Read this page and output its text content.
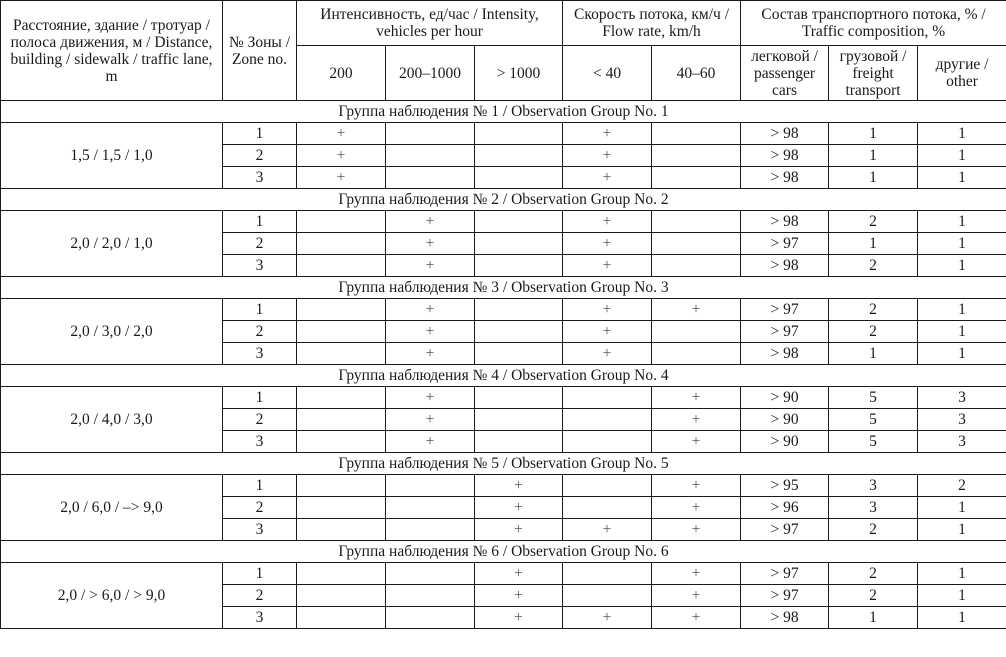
Расстояние, здание / тротуар / полоса движения, м / Distance, building / sidewalk / traffic lane, m	№ Зоны / Zone no.	Интенсивность, ед/час / Intensity, vehicles per hour			Скорость потока, км/ч / Flow rate, km/h		Состав транспортного потока, % / Traffic composition, %		
		200	200–1000	> 1000	< 40	40–60	легковой / passenger cars	грузовой / freight transport	другие / other
Группа наблюдения № 1 / Observation Group No. 1									
1,5 / 1,5 / 1,0	1	+			+		> 98	1	1
	2	+			+		> 98	1	1
	3	+			+		> 98	1	1
Группа наблюдения № 2 / Observation Group No. 2									
2,0 / 2,0 / 1,0	1		+		+		> 98	2	1
	2		+		+		> 97	1	1
	3		+		+		> 98	2	1
Группа наблюдения № 3 / Observation Group No. 3									
2,0 / 3,0 / 2,0	1		+		+	+	> 97	2	1
	2		+		+		> 97	2	1
	3		+		+		> 98	1	1
Группа наблюдения № 4 / Observation Group No. 4									
2,0 / 4,0 / 3,0	1		+			+	> 90	5	3
	2		+			+	> 90	5	3
	3		+			+	> 90	5	3
Группа наблюдения № 5 / Observation Group No. 5									
2,0 / 6,0 / –> 9,0	1			+		+	> 95	3	2
	2			+		+	> 96	3	1
	3			+	+	+	> 97	2	1
Группа наблюдения № 6 / Observation Group No. 6									
2,0 / > 6,0 / > 9,0	1			+		+	> 97	2	1
	2			+		+	> 97	2	1
	3			+	+	+	> 98	1	1
